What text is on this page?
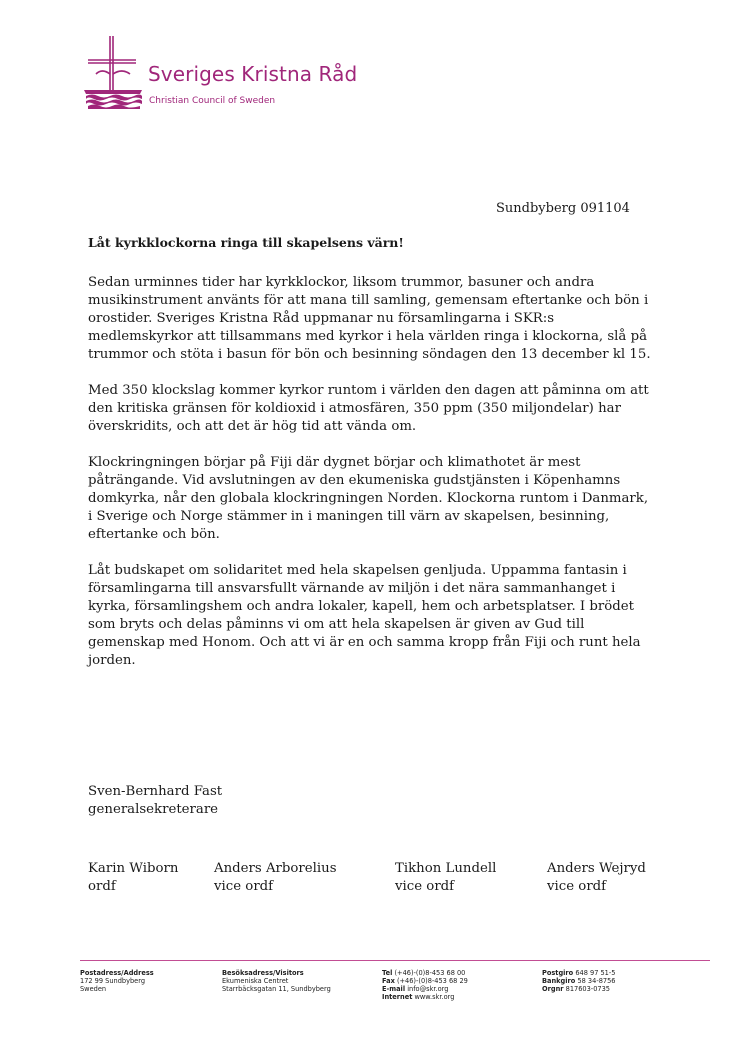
Sveriges Kristna Råd
Christian Council of Sweden
Sundbyberg 091104
Låt kyrkklockorna ringa till skapelsens värn!

Sedan urminnes tider har kyrkklockor, liksom trummor, basuner och andra musikinstrument använts för att mana till samling, gemensam eftertanke och bön i orostider. Sveriges Kristna Råd uppmanar nu församlingarna i SKR:s medlemskyrkor att tillsammans med kyrkor i hela världen ringa i klockorna, slå på trummor och stöta i basun för bön och besinning söndagen den 13 december kl 15.

Med 350 klockslag kommer kyrkor runtom i världen den dagen att påminna om att den kritiska gränsen för koldioxid i atmosfären, 350 ppm (350 miljondelar) har överskridits, och att det är hög tid att vända om.

Klockringningen börjar på Fiji där dygnet börjar och klimathotet är mest påträngande. Vid avslutningen av den ekumeniska gudstjänsten i Köpenhamns domkyrka, når den globala klockringningen Norden. Klockorna runtom i Danmark, i Sverige och Norge stämmer in i maningen till värn av skapelsen, besinning, eftertanke och bön.

Låt budskapet om solidaritet med hela skapelsen genljuda. Uppamma fantasin i församlingarna till ansvarsfullt värnande av miljön i det nära sammanhanget i kyrka, församlingshem och andra lokaler, kapell, hem och arbetsplatser. I brödet som bryts och delas påminns vi om att hela skapelsen är given av Gud till gemenskap med Honom. Och att vi är en och samma kropp från Fiji och runt hela jorden.

Sven-Bernhard Fast
generalsekreterare
Karin Wiborn
ordf
Anders Arborelius
vice ordf
Tikhon Lundell
vice ordf
Anders Wejryd
vice ordf
Postadress/Address
172 99 Sundbyberg
Sweden
Besöksadress/Visitors
Ekumeniska Centret
Starrbäcksgatan 11, Sundbyberg
Tel (+46)-(0)8-453 68 00
Fax (+46)-(0)8-453 68 29
E-mail info@skr.org
Internet www.skr.org
Postgiro 648 97 51-5
Bankgiro 58 34-8756
Orgnr 817603-0735
